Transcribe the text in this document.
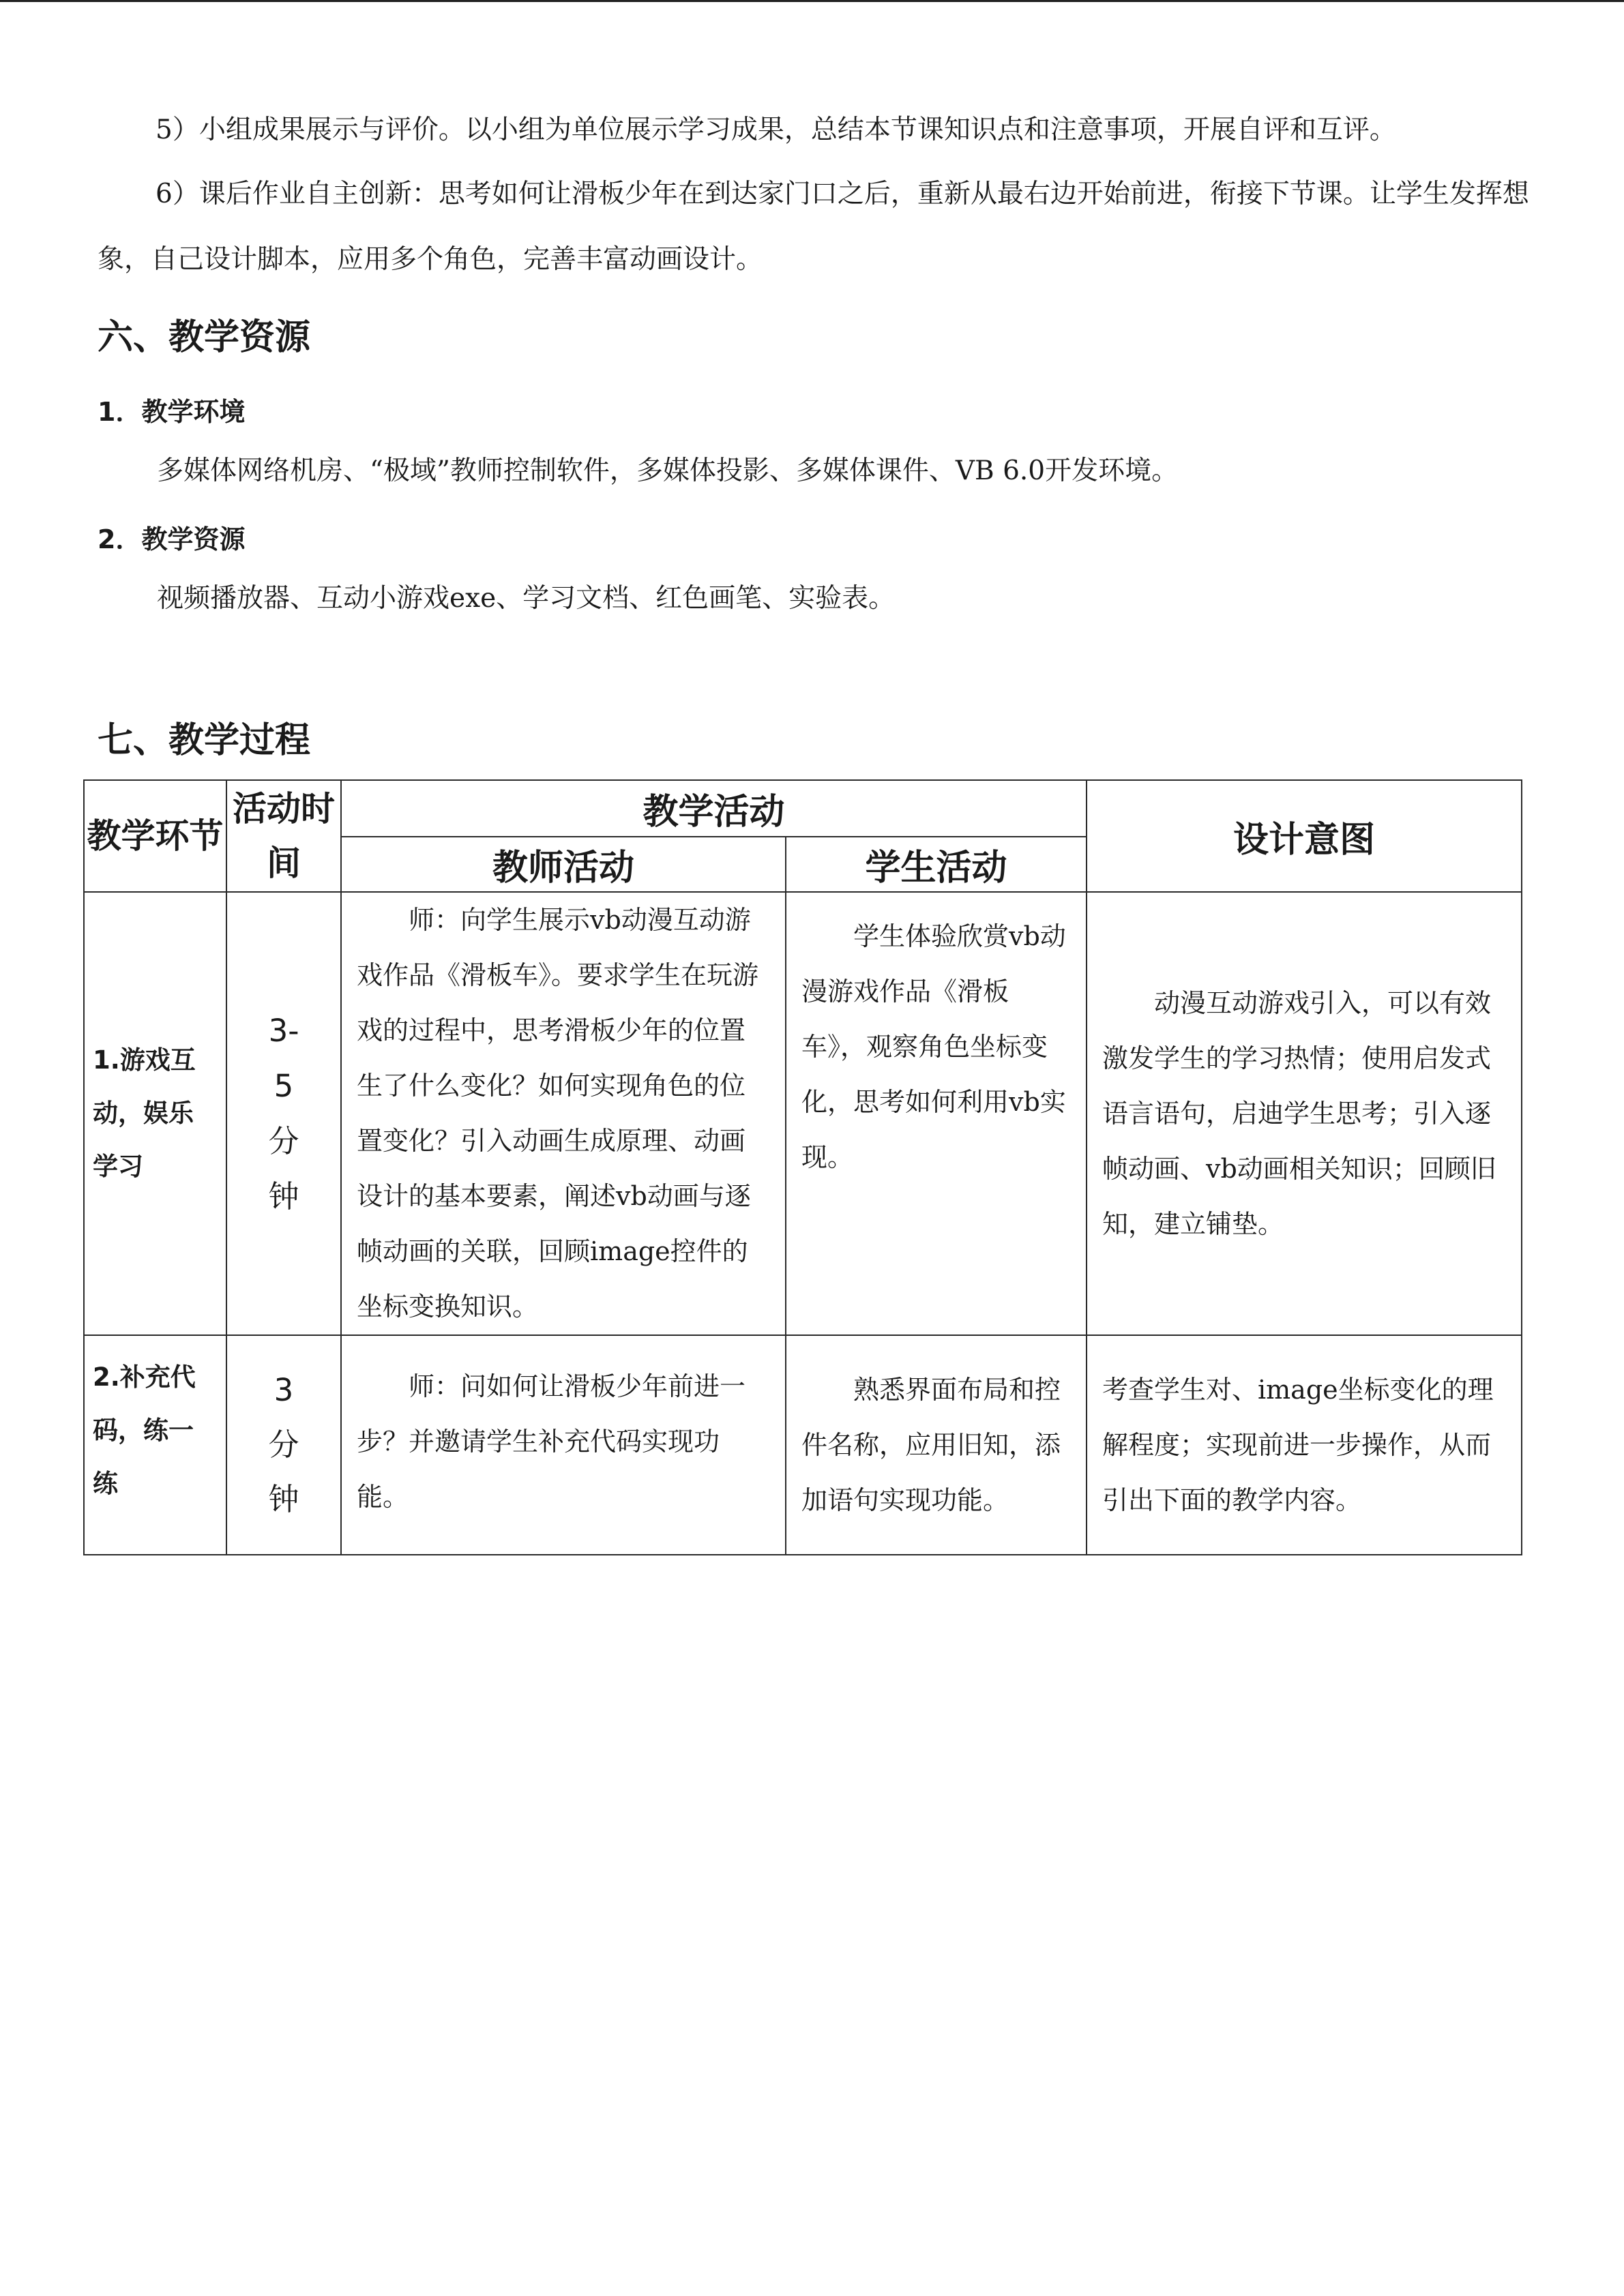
5）小组成果展示与评价。以小组为单位展示学习成果，总结本节课知识点和注意事项，开展自评和互评。

6）课后作业自主创新：思考如何让滑板少年在到达家门口之后，重新从最右边开始前进，衔接下节课。让学生发挥想象，自己设计脚本，应用多个角色，完善丰富动画设计。

六、教学资源
1．教学环境

多媒体网络机房、“极域”教师控制软件，多媒体投影、多媒体课件、VB 6.0开发环境。

2．教学资源

视频播放器、互动小游戏exe、学习文档、红色画笔、实验表。

七、教学过程
教学环节	活动时间	教学活动		设计意图
		教师活动	学生活动	
1.游戏互动，娱乐学习	3-5分钟	师：向学生展示vb动漫互动游戏作品《滑板车》。要求学生在玩游戏的过程中，思考滑板少年的位置生了什么变化？如何实现角色的位置变化？引入动画生成原理、动画设计的基本要素，阐述vb动画与逐帧动画的关联，回顾image控件的坐标变换知识。	学生体验欣赏vb动漫游戏作品《滑板车》，观察角色坐标变化，思考如何利用vb实现。	动漫互动游戏引入，可以有效激发学生的学习热情；使用启发式语言语句，启迪学生思考；引入逐帧动画、vb动画相关知识；回顾旧知，建立铺垫。

2.补充代码，练一练	3分钟	师：问如何让滑板少年前进一步？并邀请学生补充代码实现功能。	熟悉界面布局和控件名称，应用旧知，添加语句实现功能。	考查学生对、image坐标变化的理解程度；实现前进一步操作，从而引出下面的教学内容。
